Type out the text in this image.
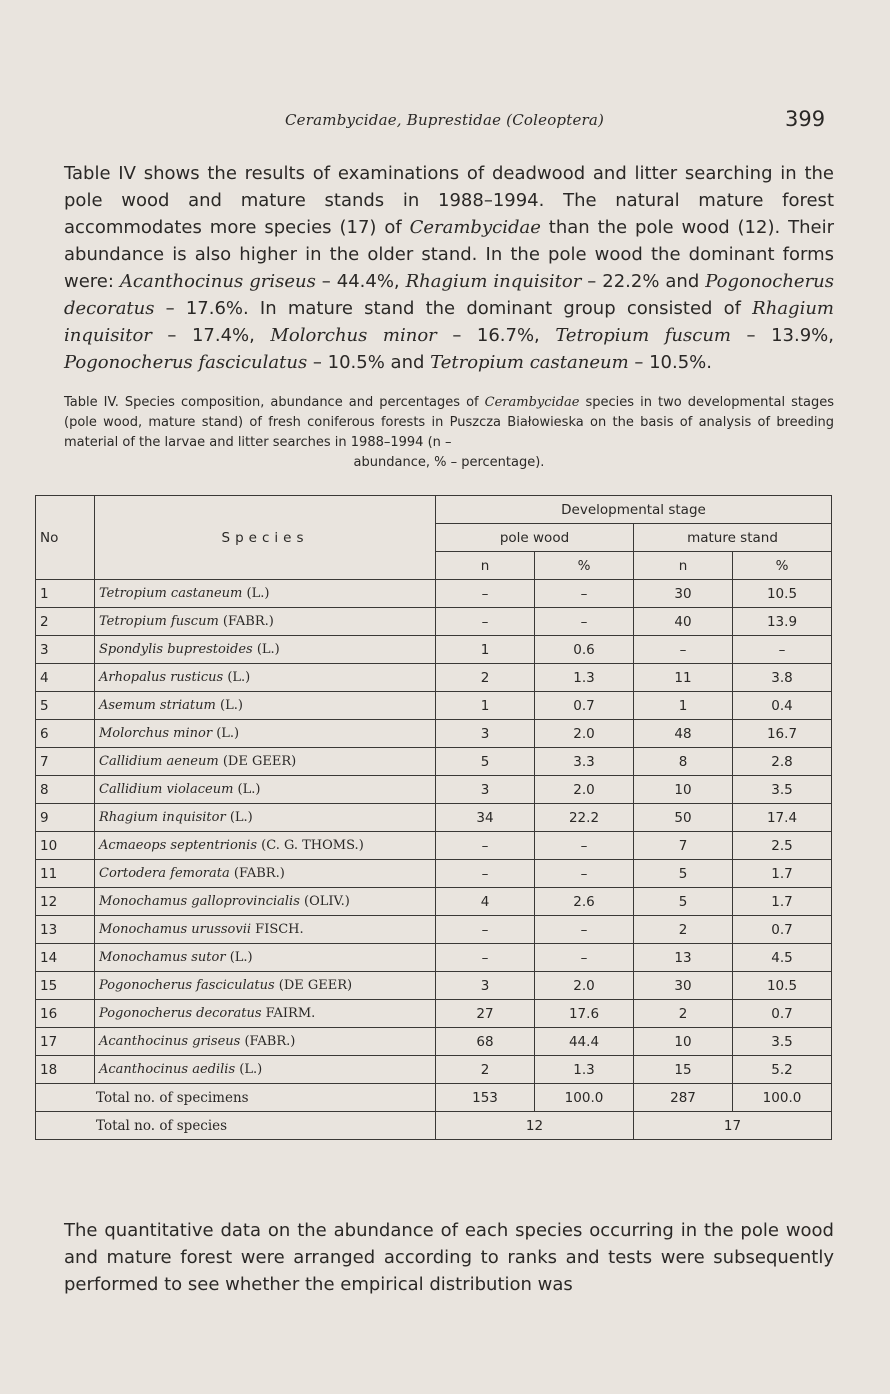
Cerambycidae, Buprestidae (Coleoptera)	399

Table IV shows the results of examinations of deadwood and litter searching in the pole wood and mature stands in 1988–1994. The natural mature forest accommodates more species (17) of Cerambycidae than the pole wood (12). Their abundance is also higher in the older stand. In the pole wood the dominant forms were: Acanthocinus griseus – 44.4%, Rhagium inquisitor – 22.2% and Pogonocherus decoratus – 17.6%. In mature stand the dominant group consisted of Rhagium inquisitor – 17.4%, Molorchus minor – 16.7%, Tetropium fuscum – 13.9%, Pogonocherus fasciculatus – 10.5% and Tetropium castaneum – 10.5%.

Table IV. Species composition, abundance and percentages of Cerambycidae species in two developmental stages (pole wood, mature stand) of fresh coniferous forests in Puszcza Białowieska on the basis of analysis of breeding material of the larvae and litter searches in 1988–1994 (n –
abundance, % – percentage).

No	Species	Developmental stage			
		pole wood		mature stand	
		n	%	n	%
1	Tetropium castaneum (L.)	–	–	30	10.5
2	Tetropium fuscum (FABR.)	–	–	40	13.9
3	Spondylis buprestoides (L.)	1	0.6	–	–
4	Arhopalus rusticus (L.)	2	1.3	11	3.8
5	Asemum striatum (L.)	1	0.7	1	0.4
6	Molorchus minor (L.)	3	2.0	48	16.7
7	Callidium aeneum (DE GEER)	5	3.3	8	2.8
8	Callidium violaceum (L.)	3	2.0	10	3.5
9	Rhagium inquisitor (L.)	34	22.2	50	17.4
10	Acmaeops septentrionis (C. G. THOMS.)	–	–	7	2.5
11	Cortodera femorata (FABR.)	–	–	5	1.7
12	Monochamus galloprovincialis (OLIV.)	4	2.6	5	1.7
13	Monochamus urussovii FISCH.	–	–	2	0.7
14	Monochamus sutor (L.)	–	–	13	4.5
15	Pogonocherus fasciculatus (DE GEER)	3	2.0	30	10.5
16	Pogonocherus decoratus FAIRM.	27	17.6	2	0.7
17	Acanthocinus griseus (FABR.)	68	44.4	10	3.5
18	Acanthocinus aedilis (L.)	2	1.3	15	5.2
Total no. of specimens		153	100.0	287	100.0
Total no. of species		12		17	

The quantitative data on the abundance of each species occurring in the pole wood and mature forest were arranged according to ranks and tests were subsequently performed to see whether the empirical distribution was
